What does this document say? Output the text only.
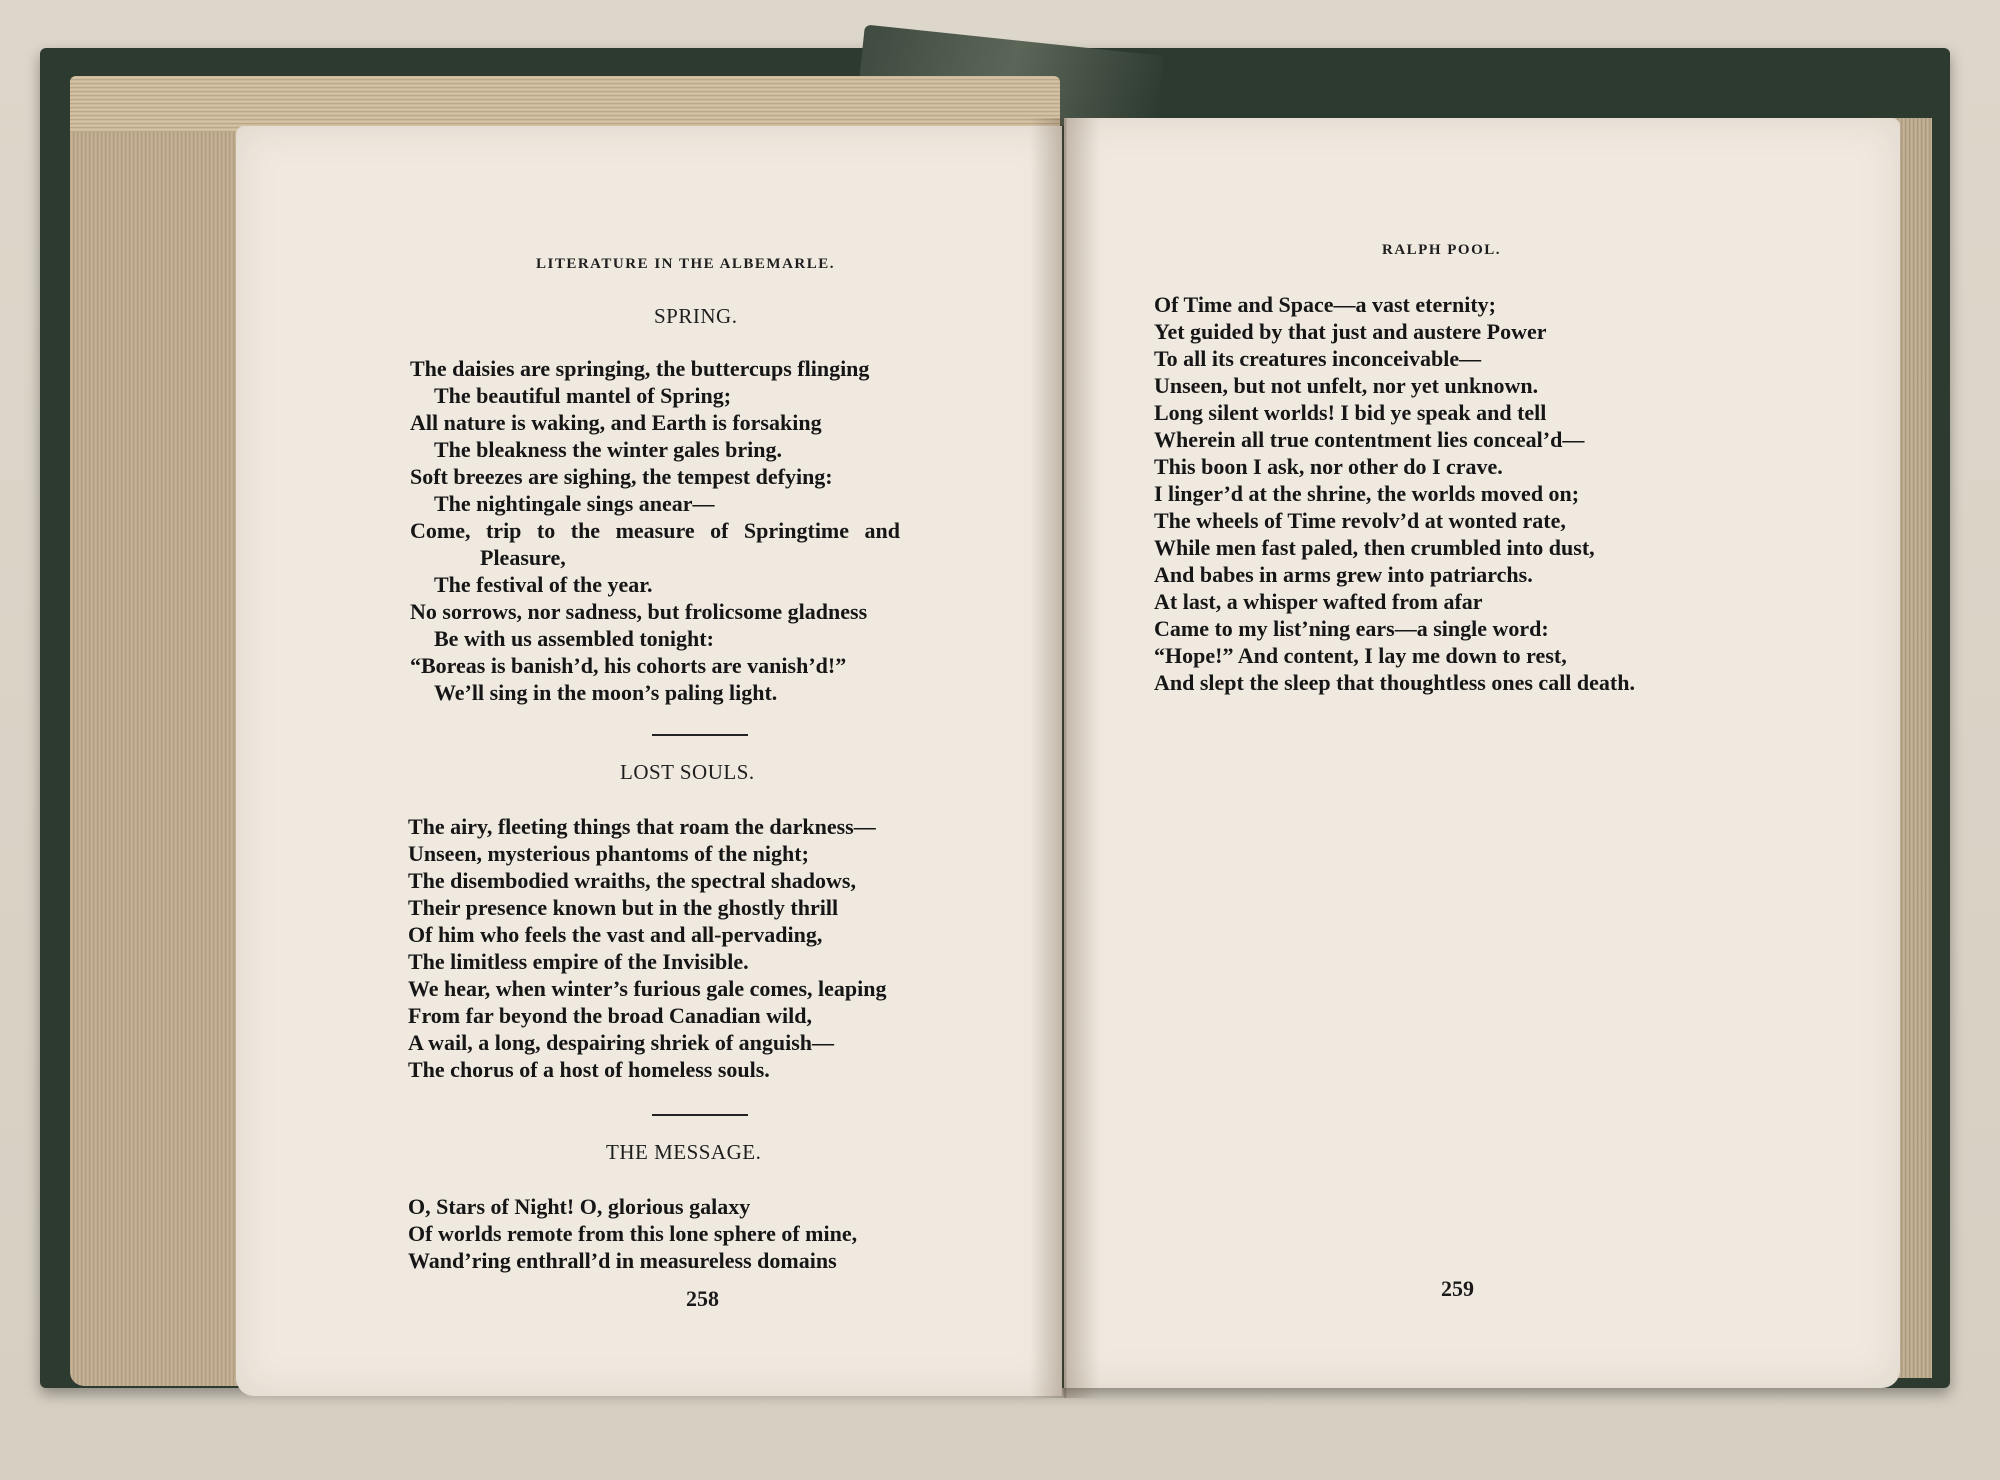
LITERATURE IN THE ALBEMARLE.
SPRING.
The daisies are springing, the buttercups flinging
The beautiful mantel of Spring;
All nature is waking, and Earth is forsaking
The bleakness the winter gales bring.
Soft breezes are sighing, the tempest defying:
The nightingale sings anear—
Come, trip to the measure of Springtime and
Pleasure,
The festival of the year.
No sorrows, nor sadness, but frolicsome gladness
Be with us assembled tonight:
“Boreas is banish’d, his cohorts are vanish’d!”
We’ll sing in the moon’s paling light.
LOST SOULS.
The airy, fleeting things that roam the darkness—
Unseen, mysterious phantoms of the night;
The disembodied wraiths, the spectral shadows,
Their presence known but in the ghostly thrill
Of him who feels the vast and all-pervading,
The limitless empire of the Invisible.
We hear, when winter’s furious gale comes, leaping
From far beyond the broad Canadian wild,
A wail, a long, despairing shriek of anguish—
The chorus of a host of homeless souls.
THE MESSAGE.
O, Stars of Night! O, glorious galaxy
Of worlds remote from this lone sphere of mine,
Wand’ring enthrall’d in measureless domains
258
RALPH POOL.
Of Time and Space—a vast eternity;
Yet guided by that just and austere Power
To all its creatures inconceivable—
Unseen, but not unfelt, nor yet unknown.
Long silent worlds! I bid ye speak and tell
Wherein all true contentment lies conceal’d—
This boon I ask, nor other do I crave.
I linger’d at the shrine, the worlds moved on;
The wheels of Time revolv’d at wonted rate,
While men fast paled, then crumbled into dust,
And babes in arms grew into patriarchs.
At last, a whisper wafted from afar
Came to my list’ning ears—a single word:
“Hope!” And content, I lay me down to rest,
And slept the sleep that thoughtless ones call death.
259
